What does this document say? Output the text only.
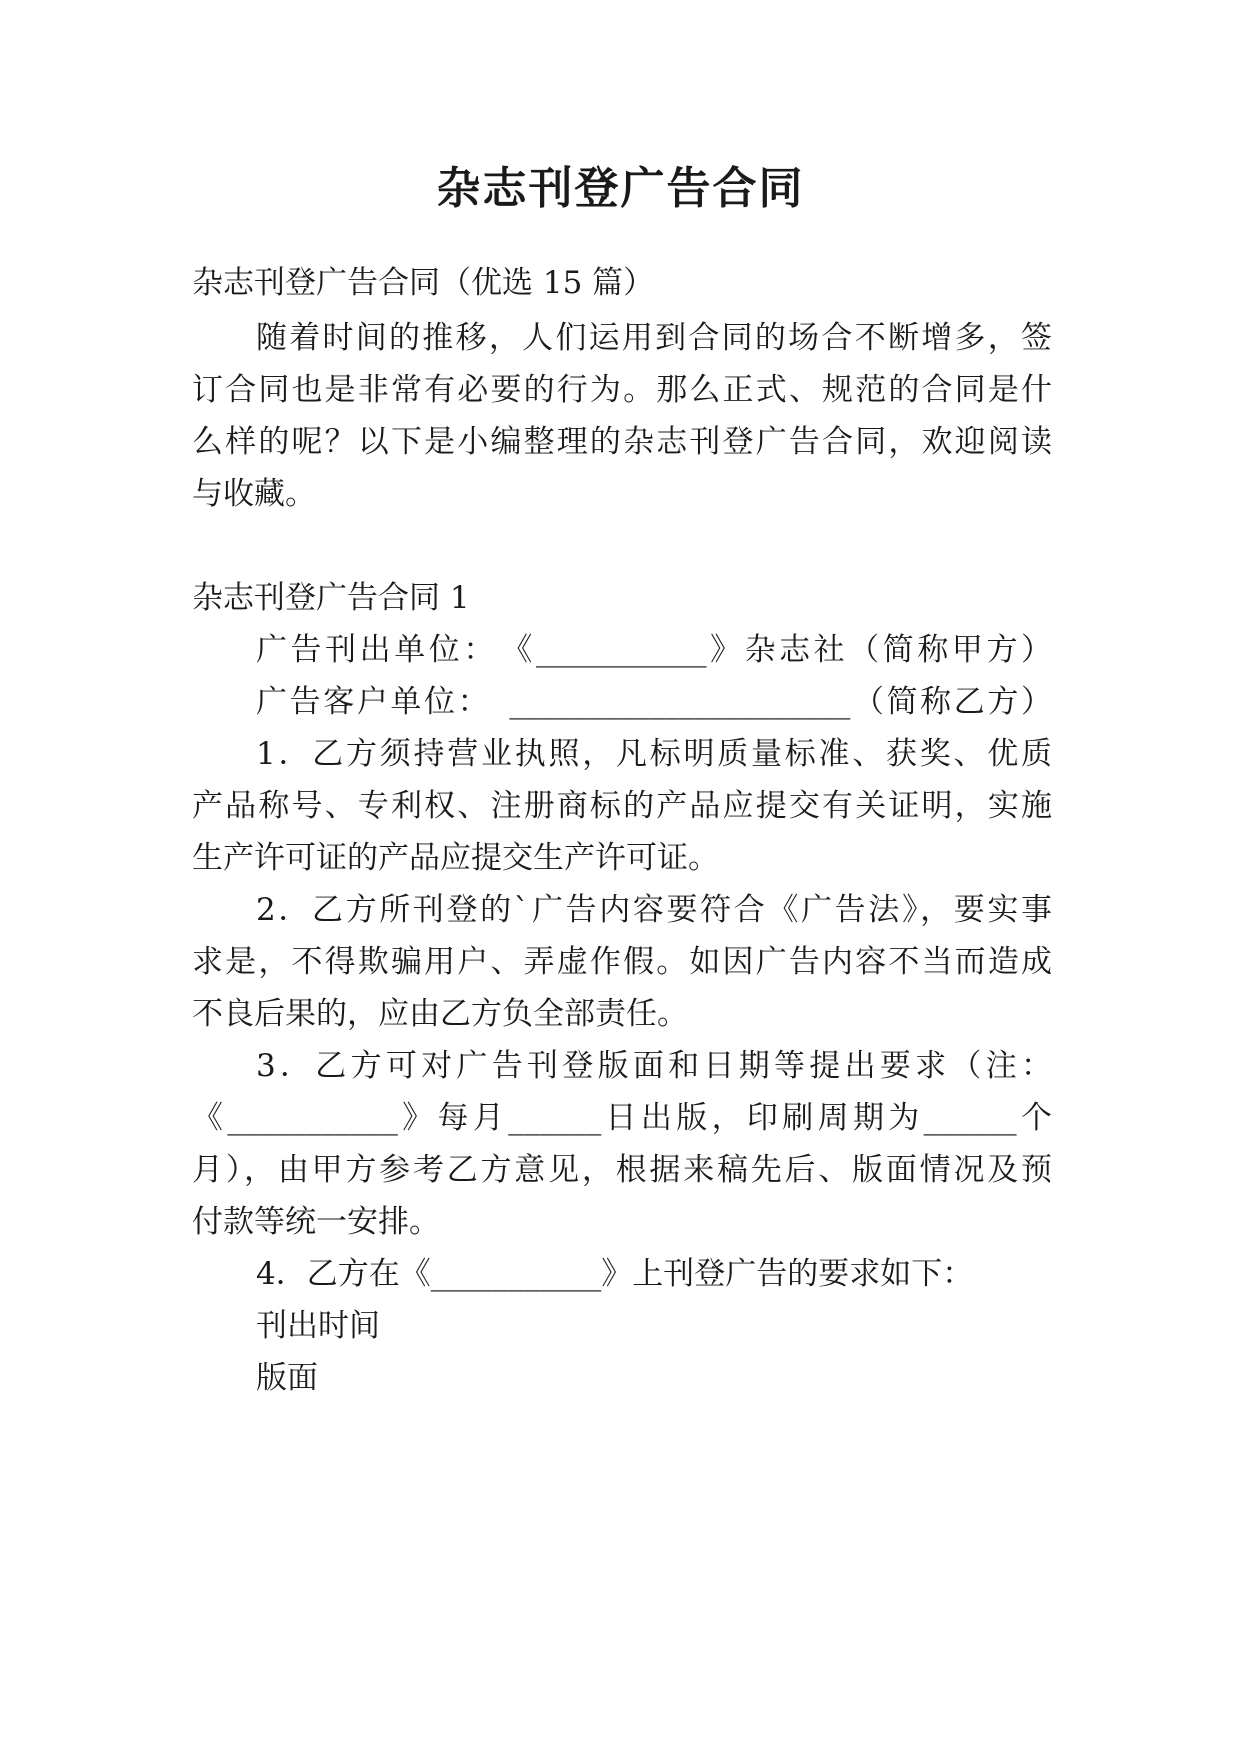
杂志刊登广告合同
杂志刊登广告合同（优选 15 篇）
随着时间的推移，人们运用到合同的场合不断增多，签
订合同也是非常有必要的行为。那么正式、规范的合同是什
么样的呢？以下是小编整理的杂志刊登广告合同，欢迎阅读
与收藏。
杂志刊登广告合同 1
广告刊出单位：　《___________》杂志社（简称甲方）
广告客户单位：　______________________（简称乙方）
1．乙方须持营业执照，凡标明质量标准、获奖、优质
产品称号、专利权、注册商标的产品应提交有关证明，实施
生产许可证的产品应提交生产许可证。
2．乙方所刊登的`广告内容要符合《广告法》，要实事
求是，不得欺骗用户、弄虚作假。如因广告内容不当而造成
不良后果的，应由乙方负全部责任。
3．乙方可对广告刊登版面和日期等提出要求（注：
《___________》每月______日出版，印刷周期为______个
月），由甲方参考乙方意见，根据来稿先后、版面情况及预
付款等统一安排。
4．乙方在《___________》上刊登广告的要求如下：
刊出时间
版面
